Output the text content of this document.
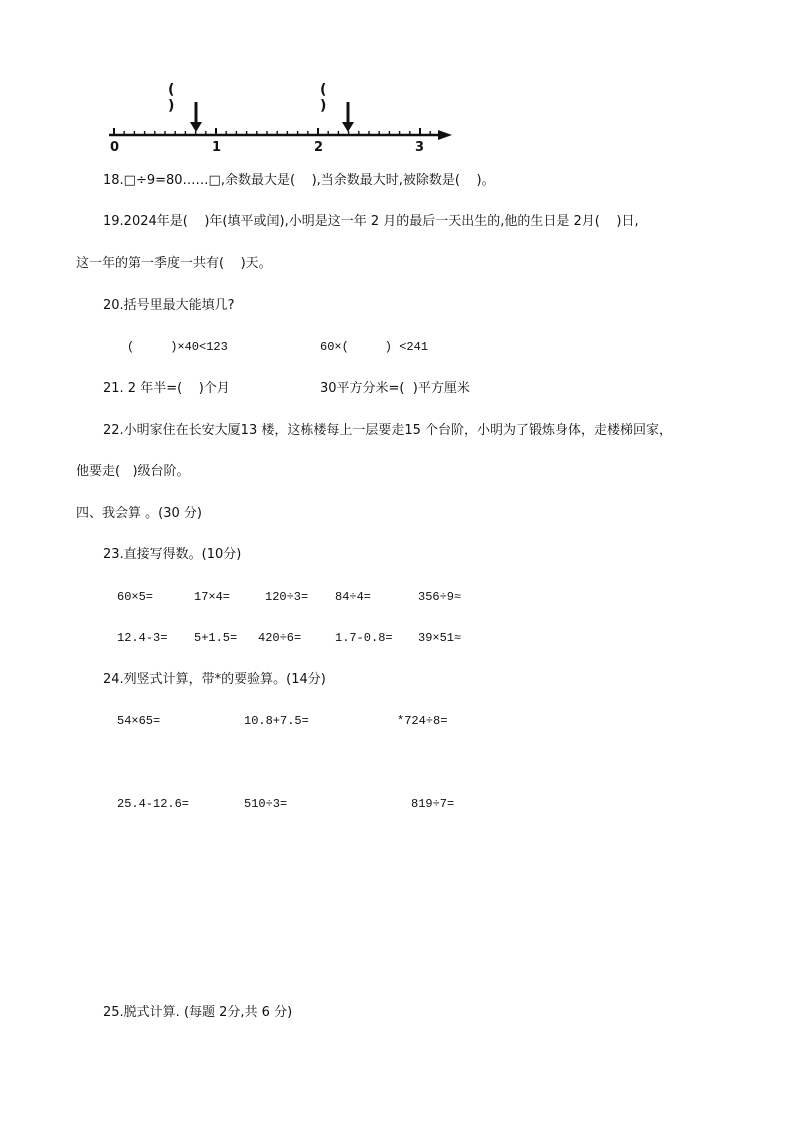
( )
( )
0	1	2	3
18.□÷9=80……□,余数最大是(    ),当余数最大时,被除数是(    )。
19.2024年是(    )年(填平或闰),小明是这一年 2 月的最后一天出生的,他的生日是 2月(    )日,
这一年的第一季度一共有(    )天。
20.括号里最大能填几?
(     )×40<123	60×(     ) <241
21. 2 年半=(    )个月	30平方分米=(  )平方厘米
22.小明家住在长安大厦13 楼，这栋楼每上一层要走15 个台阶，小明为了锻炼身体，走楼梯回家，
他要走(   )级台阶。
四、我会算 。(30 分)
23.直接写得数。(10分)
60×5=	17×4=	120÷3= 84÷4=	356÷9≈
12.4-3= 5+1.5= 420÷6=	1.7-0.8= 39×51≈
24.列竖式计算，带*的要验算。(14分)
54×65=	10.8+7.5=	*724÷8=
25.4-12.6=	510÷3=	819÷7=
25.脱式计算. (每题 2分,共 6 分)
